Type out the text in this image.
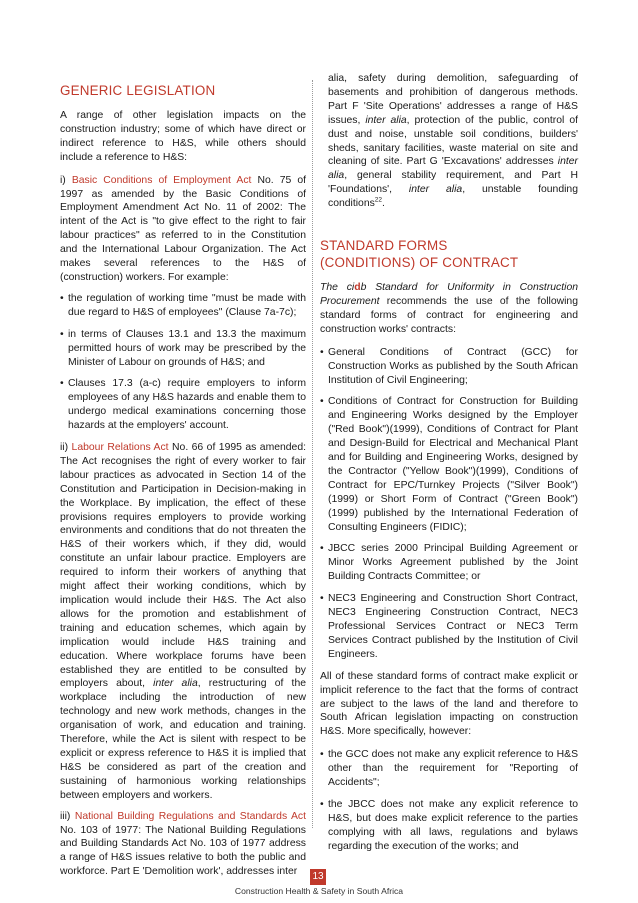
GENERIC LEGISLATION

A range of other legislation impacts on the construction industry; some of which have direct or indirect reference to H&S, while others should include a reference to H&S:

i) Basic Conditions of Employment Act No. 75 of 1997 as amended by the Basic Conditions of Employment Amendment Act No. 11 of 2002: The intent of the Act is "to give effect to the right to fair labour practices" as referred to in the Constitution and the International Labour Organization. The Act makes several references to the H&S of (construction) workers. For example:
• the regulation of working time "must be made with due regard to H&S of employees" (Clause 7a-7c);
• in terms of Clauses 13.1 and 13.3 the maximum permitted hours of work may be prescribed by the Minister of Labour on grounds of H&S; and
• Clauses 17.3 (a-c) require employers to inform employees of any H&S hazards and enable them to undergo medical examinations concerning those hazards at the employers' account.
ii) Labour Relations Act No. 66 of 1995 as amended: The Act recognises the right of every worker to fair labour practices as advocated in Section 14 of the Constitution and Participation in Decision-making in the Workplace. By implication, the effect of these provisions requires employers to provide working environments and conditions that do not threaten the H&S of their workers which, if they did, would constitute an unfair labour practice. Employers are required to inform their workers of anything that might affect their working conditions, which by implication would include their H&S. The Act also allows for the promotion and establishment of training and education schemes, which again by implication would include H&S training and education. Where workplace forums have been established they are entitled to be consulted by employers about, inter alia, restructuring of the workplace including the introduction of new technology and new work methods, changes in the organisation of work, and education and training. Therefore, while the Act is silent with respect to be explicit or express reference to H&S it is implied that H&S be considered as part of the creation and sustaining of harmonious working relationships between employers and workers.
iii) National Building Regulations and Standards Act No. 103 of 1977: The National Building Regulations and Building Standards Act No. 103 of 1977 address a range of H&S issues relative to both the public and workforce. Part E 'Demolition work', addresses inter

alia, safety during demolition, safeguarding of basements and prohibition of dangerous methods. Part F 'Site Operations' addresses a range of H&S issues, inter alia, protection of the public, control of dust and noise, unstable soil conditions, builders' sheds, sanitary facilities, waste material on site and cleaning of site. Part G 'Excavations' addresses inter alia, general stability requirement, and Part H 'Foundations', inter alia, unstable founding conditions$^{22}$.

STANDARD FORMS
(CONDITIONS) OF CONTRACT

The cidb Standard for Uniformity in Construction Procurement recommends the use of the following standard forms of contract for engineering and construction works' contracts:

• General Conditions of Contract (GCC) for Construction Works as published by the South African Institution of Civil Engineering;
• Conditions of Contract for Construction for Building and Engineering Works designed by the Employer ("Red Book")(1999), Conditions of Contract for Plant and Design-Build for Electrical and Mechanical Plant and for Building and Engineering Works, designed by the Contractor ("Yellow Book")(1999), Conditions of Contract for EPC/Turnkey Projects ("Silver Book")(1999) or Short Form of Contract ("Green Book")(1999) published by the International Federation of Consulting Engineers (FIDIC);
• JBCC series 2000 Principal Building Agreement or Minor Works Agreement published by the Joint Building Contracts Committee; or
• NEC3 Engineering and Construction Short Contract, NEC3 Engineering Construction Contract, NEC3 Professional Services Contract or NEC3 Term Services Contract published by the Institution of Civil Engineers.

All of these standard forms of contract make explicit or implicit reference to the fact that the forms of contract are subject to the laws of the land and therefore to South African legislation impacting on construction H&S. More specifically, however:

• the GCC does not make any explicit reference to H&S other than the requirement for "Reporting of Accidents";
• the JBCC does not make any explicit reference to H&S, but does make explicit reference to the parties complying with all laws, regulations and bylaws regarding the execution of the works; and
13
Construction Health & Safety in South Africa
